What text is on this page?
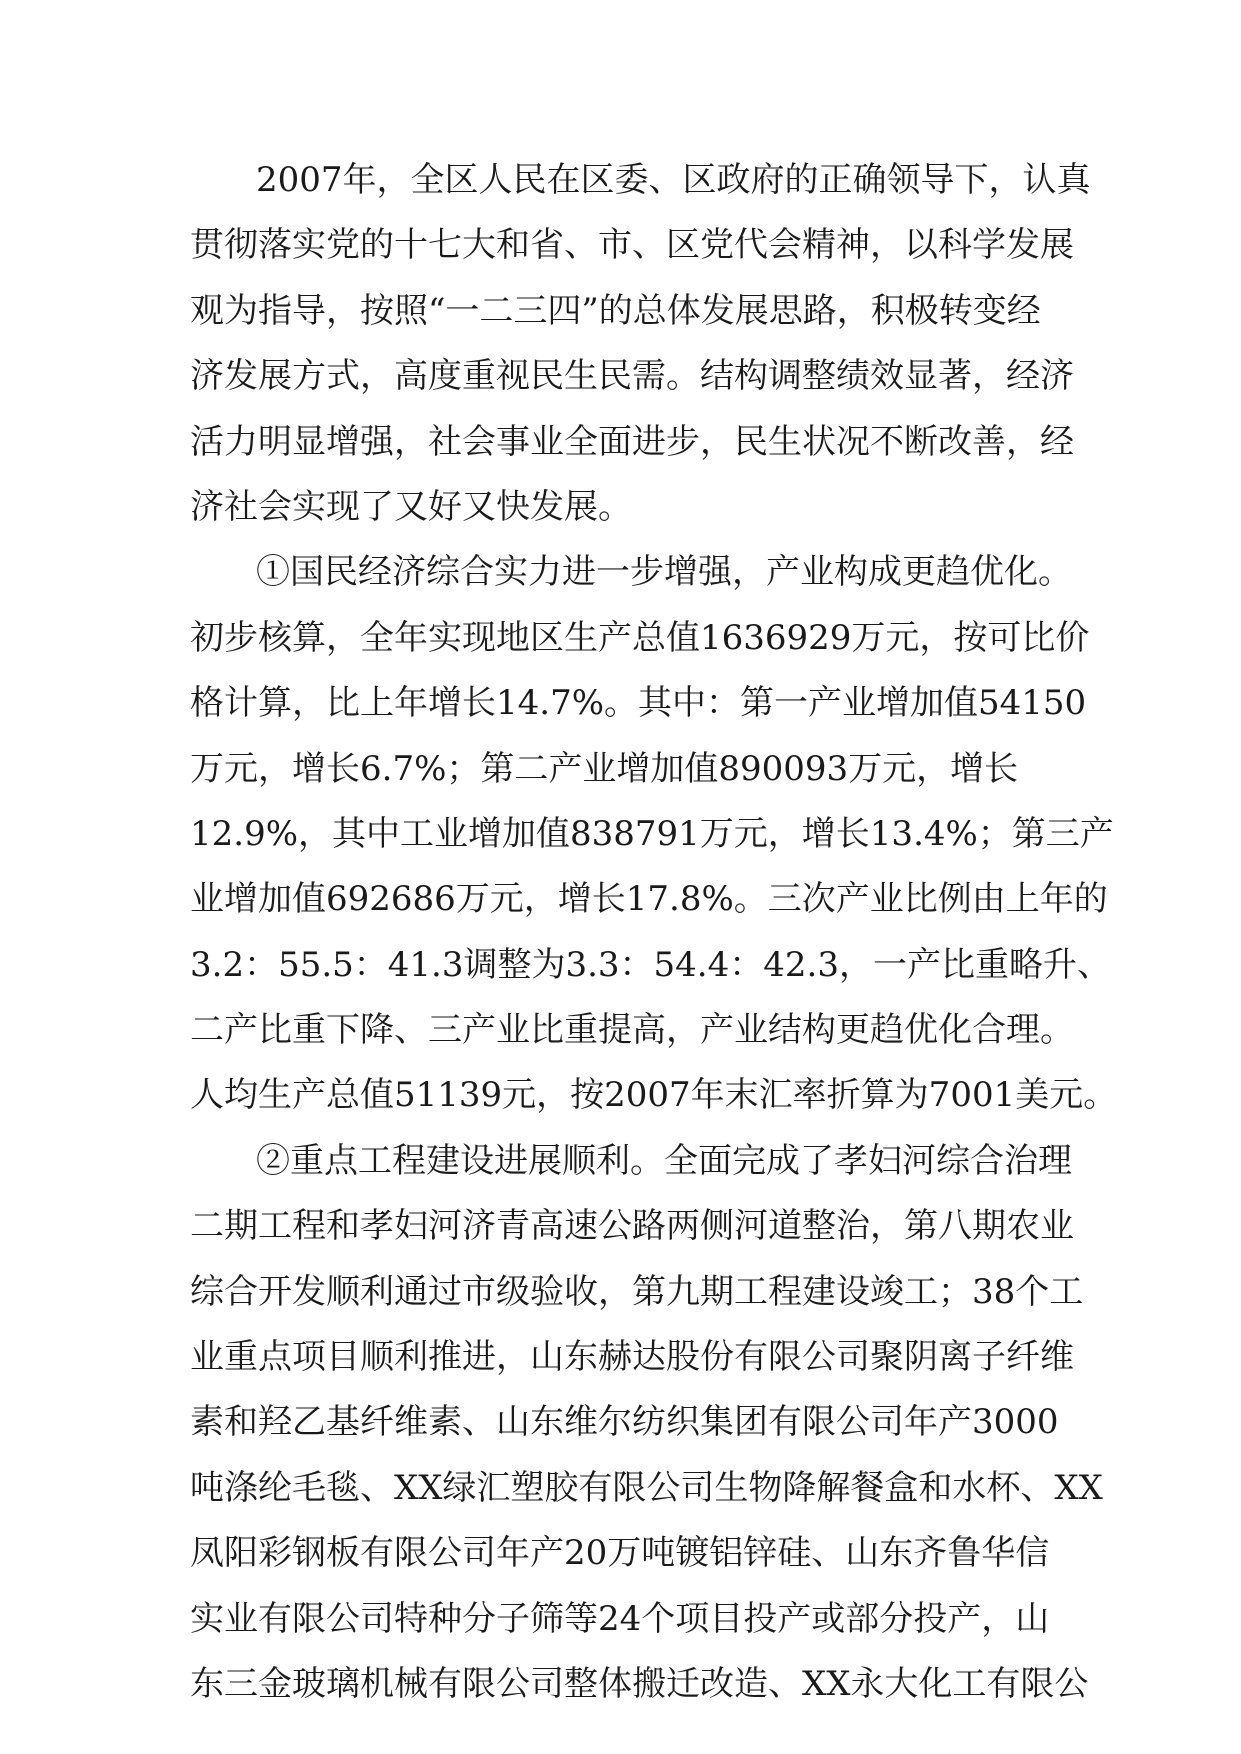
2007年，全区人民在区委、区政府的正确领导下，认真
贯彻落实党的十七大和省、市、区党代会精神，以科学发展
观为指导，按照“一二三四”的总体发展思路，积极转变经
济发展方式，高度重视民生民需。结构调整绩效显著，经济
活力明显增强，社会事业全面进步，民生状况不断改善，经
济社会实现了又好又快发展。
①国民经济综合实力进一步增强，产业构成更趋优化。
初步核算，全年实现地区生产总值1636929万元，按可比价
格计算，比上年增长14.7%。其中：第一产业增加值54150
万元，增长6.7%；第二产业增加值890093万元，增长
12.9%，其中工业增加值838791万元，增长13.4%；第三产
业增加值692686万元，增长17.8%。三次产业比例由上年的
3.2：55.5：41.3调整为3.3：54.4：42.3，一产比重略升、
二产比重下降、三产业比重提高，产业结构更趋优化合理。
人均生产总值51139元，按2007年末汇率折算为7001美元。
②重点工程建设进展顺利。全面完成了孝妇河综合治理
二期工程和孝妇河济青高速公路两侧河道整治，第八期农业
综合开发顺利通过市级验收，第九期工程建设竣工；38个工
业重点项目顺利推进，山东赫达股份有限公司聚阴离子纤维
素和羟乙基纤维素、山东维尔纺织集团有限公司年产3000
吨涤纶毛毯、XX绿汇塑胶有限公司生物降解餐盒和水杯、XX
凤阳彩钢板有限公司年产20万吨镀铝锌硅、山东齐鲁华信
实业有限公司特种分子筛等24个项目投产或部分投产，山
东三金玻璃机械有限公司整体搬迁改造、XX永大化工有限公
